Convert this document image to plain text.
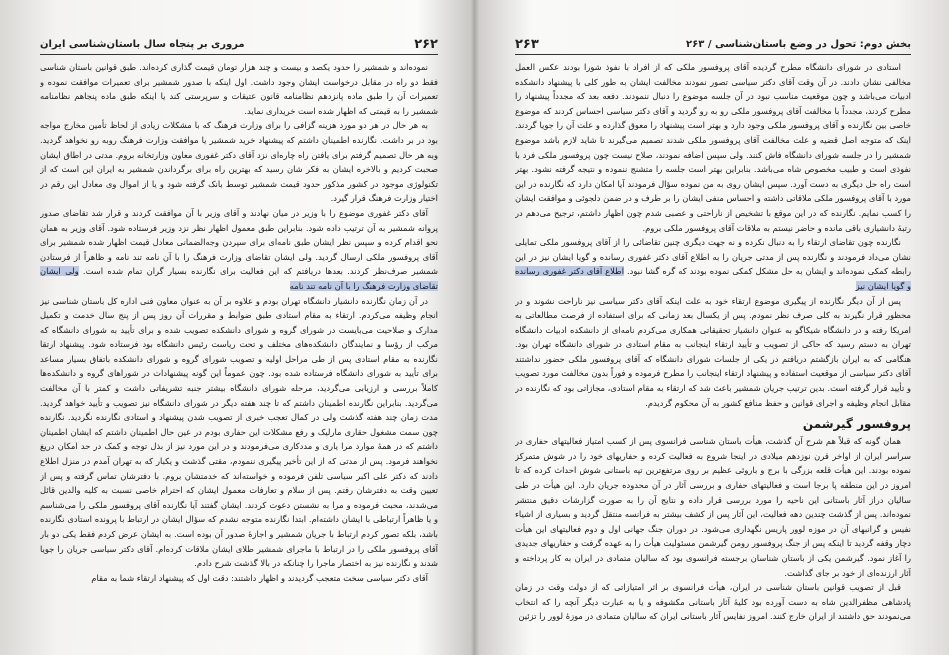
۲۶۲
مروری بر پنجاه سال باستان‌شناسی ایران

نموده‌اند و شمشیر را حدود یکصد و بیست و چند هزار تومان قیمت گذاری کرده‌اند. طبق قوانین باستان شناسی فقط دو راه در مقابل درخواست ایشان وجود داشت. اول اینکه با صدور شمشیر برای تعمیرات موافقت نموده و تعمیرات آن را طبق ماده پانزدهم نظامنامه قانون عتیقات و سرپرستی کند یا اینکه طبق ماده پنجاهم نظامنامه شمشیر را به قیمتی که اظهار شده است خریداری نماید.

به هر حال در هر دو مورد هزینه گزافی را برای وزارت فرهنگ که با مشکلات زیادی از لحاظ تأمین مخارج مواجه بود در بر داشت. نگارنده اطمینان داشتم که پیشنهاد خرید شمشیر یا موافقت وزارت فرهنگ روبه رو نخواهد گردید. وبه هر حال تصمیم گرفتم برای یافتن راه چاره‌ای نزد آقای دکتر غفوری معاون وزارتخانه بروم. مدتی در اطاق ایشان صحبت کردیم و بالاخره ایشان به فکر شان رسید که بهترین راه برای برگرداندن شمشیر به ایران این است که از تکنولوژی موجود در کشور مذکور حدود قیمت شمشیر توسط بانک گرفته شود و یا از اموال وی معادل این رقم در اختیار وزارت فرهنگ قرار گیرد.

آقای دکتر غفوری موضوع را با وزیر در میان نهادند و آقای وزیر با آن موافقت کردند و قرار شد تقاضای صدور پروانه شمشیر به آن ترتیب داده شود. بنابراین طبق معمول اظهار نظر نزد وزیر فرستاده شود. آقای وزیر به همان نحو اقدام کرده و سپس نظر ایشان طبق نامه‌ای برای سپردن وجه‌الضمانی معادل قیمت اظهار شده شمشیر برای آقای پروفسور ملکی ارسال گردید. ولی ایشان تقاضای وزارت فرهنگ را با آن نامه تند نامه و ظاهراً از فرستادن شمشیر صرف‌نظر کردند. بعدها دریافتم که این فعالیت برای نگارنده بسیار گران تمام شده است. ولی ایشان تقاضای وزارت فرهنگ را با آن نامه تند نامه

در آن زمان نگارنده دانشیار دانشگاه تهران بودم و علاوه بر آن به عنوان معاون فنی اداره کل باستان شناسی نیز انجام وظیفه می‌کردم. ارتقاء به مقام استادی طبق ضوابط و مقررات آن روز پس از پنج سال خدمت و تکمیل مدارک و صلاحیت می‌بایست در شورای گروه و شورای دانشکده تصویب شده و برای تأیید به شورای دانشگاه که مرکب از رؤسا و نمایندگان دانشکده‌های مختلف و تحت ریاست رئیس دانشگاه بود فرستاده شود. پیشنهاد ارتقا نگارنده به مقام استادی پس از طی مراحل اولیه و تصویب شورای گروه و شورای دانشکده باتفاق بسیار مساعد برای تأیید به شورای دانشگاه فرستاده شده بود. چون عموماً این گونه پیشنهادات در شوراهای گروه و دانشکده‌ها کاملاً بررسی و ارزیابی می‌گردید، مرحله شورای دانشگاه بیشتر جنبه تشریفاتی داشت و کمتر با آن مخالفت می‌گردید. بنابراین نگارنده اطمینان داشتم که تا چند هفته دیگر در شورای دانشگاه نیز تصویب و تأیید خواهد گردید. مدت زمان چند هفته گذشت ولی در کمال تعجب خبری از تصویب شدن پیشنهاد و استادی نگارنده نگردید. نگارنده چون سمت مشغول حقاری مارلیک و رفع مشکلات این حفاری بودم در عین حال اطمینان داشتم که ایشان اطمینان داشتم که در همهٔ موارد مرا یاری و مددکاری می‌فرمودند و در این مورد نیز از بذل توجه و کمک در حد امکان دریغ نخواهند فرمود. پس از مدتی که از این تأخیر پیگیری ننمودم، مقتی گذشت و یکبار که به تهران آمدم در منزل اطلاع دادند که دکتر علی اکبر سیاسی تلفن فرموده و خواسته‌اند که خدمتشان بروم. با دفترشان تماس گرفته و پس از تعیین وقت به دفترشان رفتم. پس از سلام و تعارفات معمول ایشان که احترام خاصی نسبت به کلیه والدین قائل می‌شدند، محبت فرموده و مرا به نشستن دعوت کردند. ایشان گفتند آیا نگارنده آقای پروفسور ملکی را می‌شناسم و یا ظاهراً ارتباطی با ایشان داشته‌ام. ابتدا نگارنده متوجه نشدم که سؤال ایشان در ارتباط با پرونده استادی نگارنده باشد، بلکه تصور کردم ارتباط با جریان شمشیر و اجازهٔ صدور آن بوده است. به ایشان عرض کردم فقط یکی دو بار آقای پروفسور ملکی را در ارتباط با ماجرای شمشیر طلای ایشان ملاقات کرده‌ام. آقای دکتر سیاسی جریان را جویا شدند و نگارنده نیز به اختصار ماجرا را چنانکه در بالا گذشت شرح دادم.

آقای دکتر سیاسی سخت متعجب گردیدند و اظهار داشتند: دقت اول که پیشنهاد ارتقاء شما به مقام

بخش دوم: تحول در وضع باستان‌شناسی / ۲۶۳
۲۶۳

استادی در شورای دانشگاه مطرح گردیده آقای پروفسور ملکی که از افراد با نفوذ شورا بودند عکس العمل مخالفی نشان دادند. در آن وقت آقای دکتر سیاسی تصور نمودند مخالفت ایشان به طور کلی با پیشنهاد دانشکده ادبیات می‌باشد و چون موقعیت مناسب نبود در آن جلسه موضوع را دنبال ننمودند. دفعه بعد که مجدداً پیشنهاد را مطرح کردند، مجدداً با مخالفت آقای پروفسور ملکی رو به رو گردید و آقای دکتر سیاسی احساس کردند که موضوع خاصی بین نگارنده و آقای پروفسور ملکی وجود دارد و بهتر است پیشنهاد را معوق گذارده و علت آن را جویا گردند. اینک که متوجه اصل قضیه و علت مخالفت آقای پروفسور ملکی شدند تصمیم می‌گیرند تا شاید لازم باشد موضوع شمشیر را در جلسه شورای دانشگاه فاش کنند. ولی سپس اضافه نمودند، صلاح نیست چون پروفسور ملکی فرد با نفوذی است و طبیب مخصوص شاه می‌باشد. بنابراین بهتر است جلسه را متشنج ننموده و نتیجه گرفته نشود. بهتر است راه حل دیگری به دست آورد. سپس ایشان روی به من نموده سؤال فرمودند آیا امکان دارد که نگارنده در این مورد با آقای پروفسور ملکی ملاقاتی داشته و احساس منفی ایشان را بر طرف و در ضمن دلجوئی و موافقت ایشان را کسب نمایم. نگارنده که در این موقع با تشخیص از ناراحتی و عصبی شدم چون اظهار داشتم، ترجیح می‌دهم در رتبهٔ دانشیاری باقی مانده و حاضر نیستم به ملاقات آقای پروفسور ملکی بروم.

نگارنده چون تقاضای ارتقاء را به دنبال نکرده و نه جهت دیگری چنین تقاضائی را از آقای پروفسور ملکی تمایلی نشان می‌داد فرمودند و نگارنده پس از مدتی جریان را به اطلاع آقای دکتر غفوری رسانده و گویا ایشان نیز در این رابطه کمکی نموده‌اند و ایشان به حل مشکل کمکی نموده بودند که گره گشا نبود. اطلاع آقای دکتر غفوری رسانده و گویا ایشان نیز

پس از آن دیگر نگارنده از پیگیری موضوع ارتقاء خود به علت اینکه آقای دکتر سیاسی نیز ناراحت نشوند و در محظور قرار نگیرند به کلی صرف نظر نمودم. پس از یکسال بعد زمانی که برای استفاده از فرصت مطالعاتی به امریکا رفته و در دانشگاه شیکاگو به عنوان دانشیار تحقیقاتی همکاری می‌کردم نامه‌ای از دانشکده ادبیات دانشگاه تهران به دستم رسید که حاکی از تصویب و تأیید ارتقاء اینجانب به مقام استادی در شورای دانشگاه تهران بود. هنگامی که به ایران بازگشتم دریافتم در یکی از جلسات شورای دانشگاه که آقای پروفسور ملکی حضور نداشتند آقای دکتر سیاسی از موقعیت استفاده و پیشنهاد ارتقاء اینجانب را مطرح فرموده و فوراً بدون مخالفت مورد تصویب و تأیید قرار گرفته است. بدین ترتیب جریان شمشیر باعث شد که ارتقاء به مقام استادی، مجازاتی بود که نگارنده در مقابل انجام وظیفه و اجرای قوانین و حفظ منافع کشور به آن محکوم گردیدم.

پروفسور گیرشمن

همان گونه که قبلاً هم شرح آن گذشت، هیأت باستان شناسی فرانسوی پس از کسب امتیاز فعالیتهای حفاری در سراسر ایران از اواخر قرن نوزدهم میلادی در اینجا شروع به فعالیت کرده و حفاریهای خود را در شوش متمرکز نموده بودند. این هیأت قلعه بزرگی با برج و باروئی عظیم بر روی مرتفع‌ترین تپه باستانی شوش احداث کرده که تا امروز در این منطقه پا برجا است و فعالیتهای حفاری و بررسی آثار در آن محدوده جریان دارد. این هیأت در طی سالیان دراز آثار باستانی این ناحیه را مورد بررسی قرار داده و نتایج آن را به صورت گزارشات دقیق منتشر نموده‌اند. پس از گذشت چندین دهه فعالیت، این آثار پس از کشف بیشتر به فرانسه منتقل گردید و بسیاری از اشیاء نفیس و گرانبهای آن در موزه لوور پاریس نگهداری می‌شود. در دوران جنگ جهانی اول و دوم فعالیتهای این هیأت دچار وقفه گردید تا اینکه پس از جنگ پروفسور رومن گیرشمن مسئولیت هیأت را به عهده گرفت و حفاریهای جدیدی را آغاز نمود. گیرشمن یکی از باستان شناسان برجسته فرانسوی بود که سالیان متمادی در ایران به کار پرداخته و آثار ارزنده‌ای از خود بر جای گذاشت.

قبل از تصویب قوانین باستان شناسی در ایران، هیأت فرانسوی بر اثر امتیازاتی که از دولت وقت در زمان پادشاهی مظفرالدین شاه به دست آورده بود کلیهٔ آثار باستانی مکشوفه و یا به عبارت دیگر آنچه را که انتخاب می‌نمودند حق داشتند از ایران خارج کنند. امروز نفایس آثار باستانی ایران که سالیان متمادی در موزهٔ لوور را تزئین
